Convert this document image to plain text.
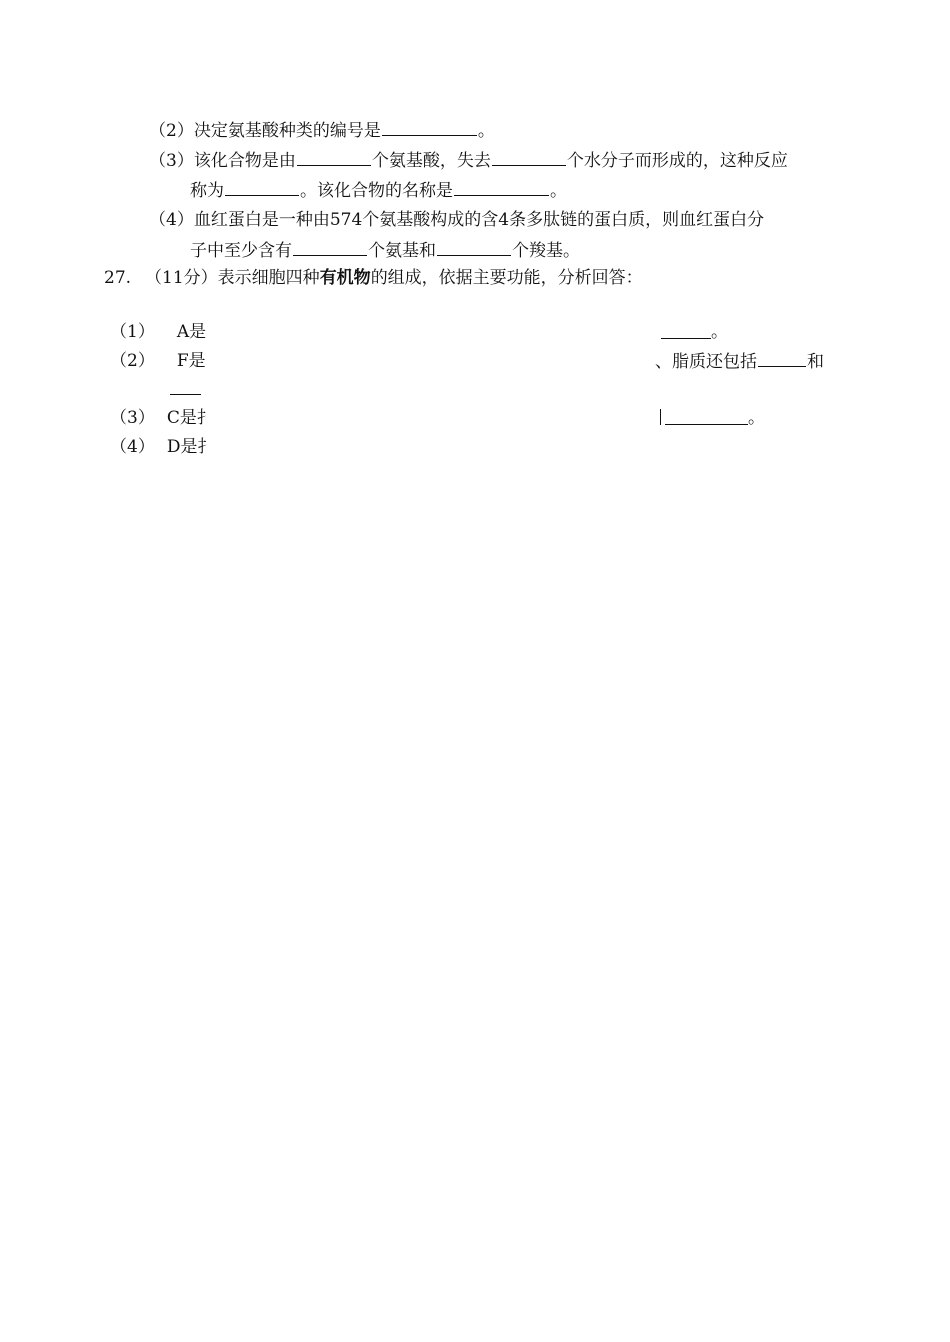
（2）决定氨基酸种类的编号是	。
（3）该化合物是由	个氨基酸，失去	个水分子而形成的，这种反应
称为	。该化合物的名称是	。
（4）血红蛋白是一种由574个氨基酸构成的含4条多肽链的蛋白质，则血红蛋白分
子中至少含有	个氨基和	个羧基。
27. （11分）表示细胞四种有机物的组成，依据主要功能，分析回答：
（1） A是	。
（2） F是	、脂质还包括	和
（3） C是扌	。
（4） D是扌
